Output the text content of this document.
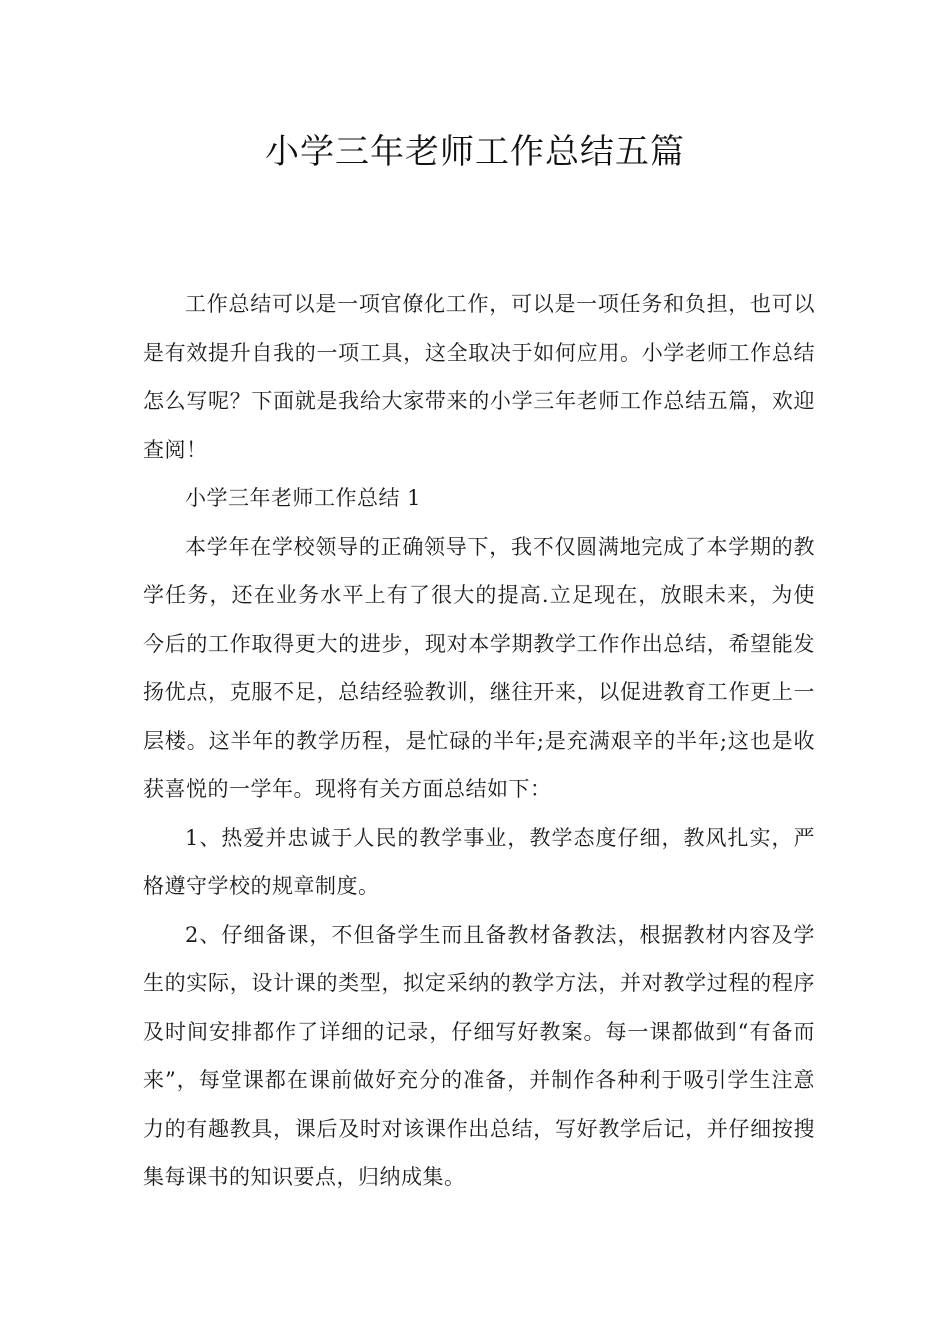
小学三年老师工作总结五篇

工作总结可以是一项官僚化工作，可以是一项任务和负担，也可以是有效提升自我的一项工具，这全取决于如何应用。小学老师工作总结怎么写呢？下面就是我给大家带来的小学三年老师工作总结五篇，欢迎查阅！

小学三年老师工作总结 1

本学年在学校领导的正确领导下，我不仅圆满地完成了本学期的教学任务，还在业务水平上有了很大的提高.立足现在，放眼未来，为使今后的工作取得更大的进步，现对本学期教学工作作出总结，希望能发扬优点，克服不足，总结经验教训，继往开来，以促进教育工作更上一层楼。这半年的教学历程，是忙碌的半年;是充满艰辛的半年;这也是收获喜悦的一学年。现将有关方面总结如下：

1、热爱并忠诚于人民的教学事业，教学态度仔细，教风扎实，严格遵守学校的规章制度。

2、仔细备课，不但备学生而且备教材备教法，根据教材内容及学生的实际，设计课的类型，拟定采纳的教学方法，并对教学过程的程序及时间安排都作了详细的记录，仔细写好教案。每一课都做到“有备而来”，每堂课都在课前做好充分的准备，并制作各种利于吸引学生注意力的有趣教具，课后及时对该课作出总结，写好教学后记，并仔细按搜集每课书的知识要点，归纳成集。
